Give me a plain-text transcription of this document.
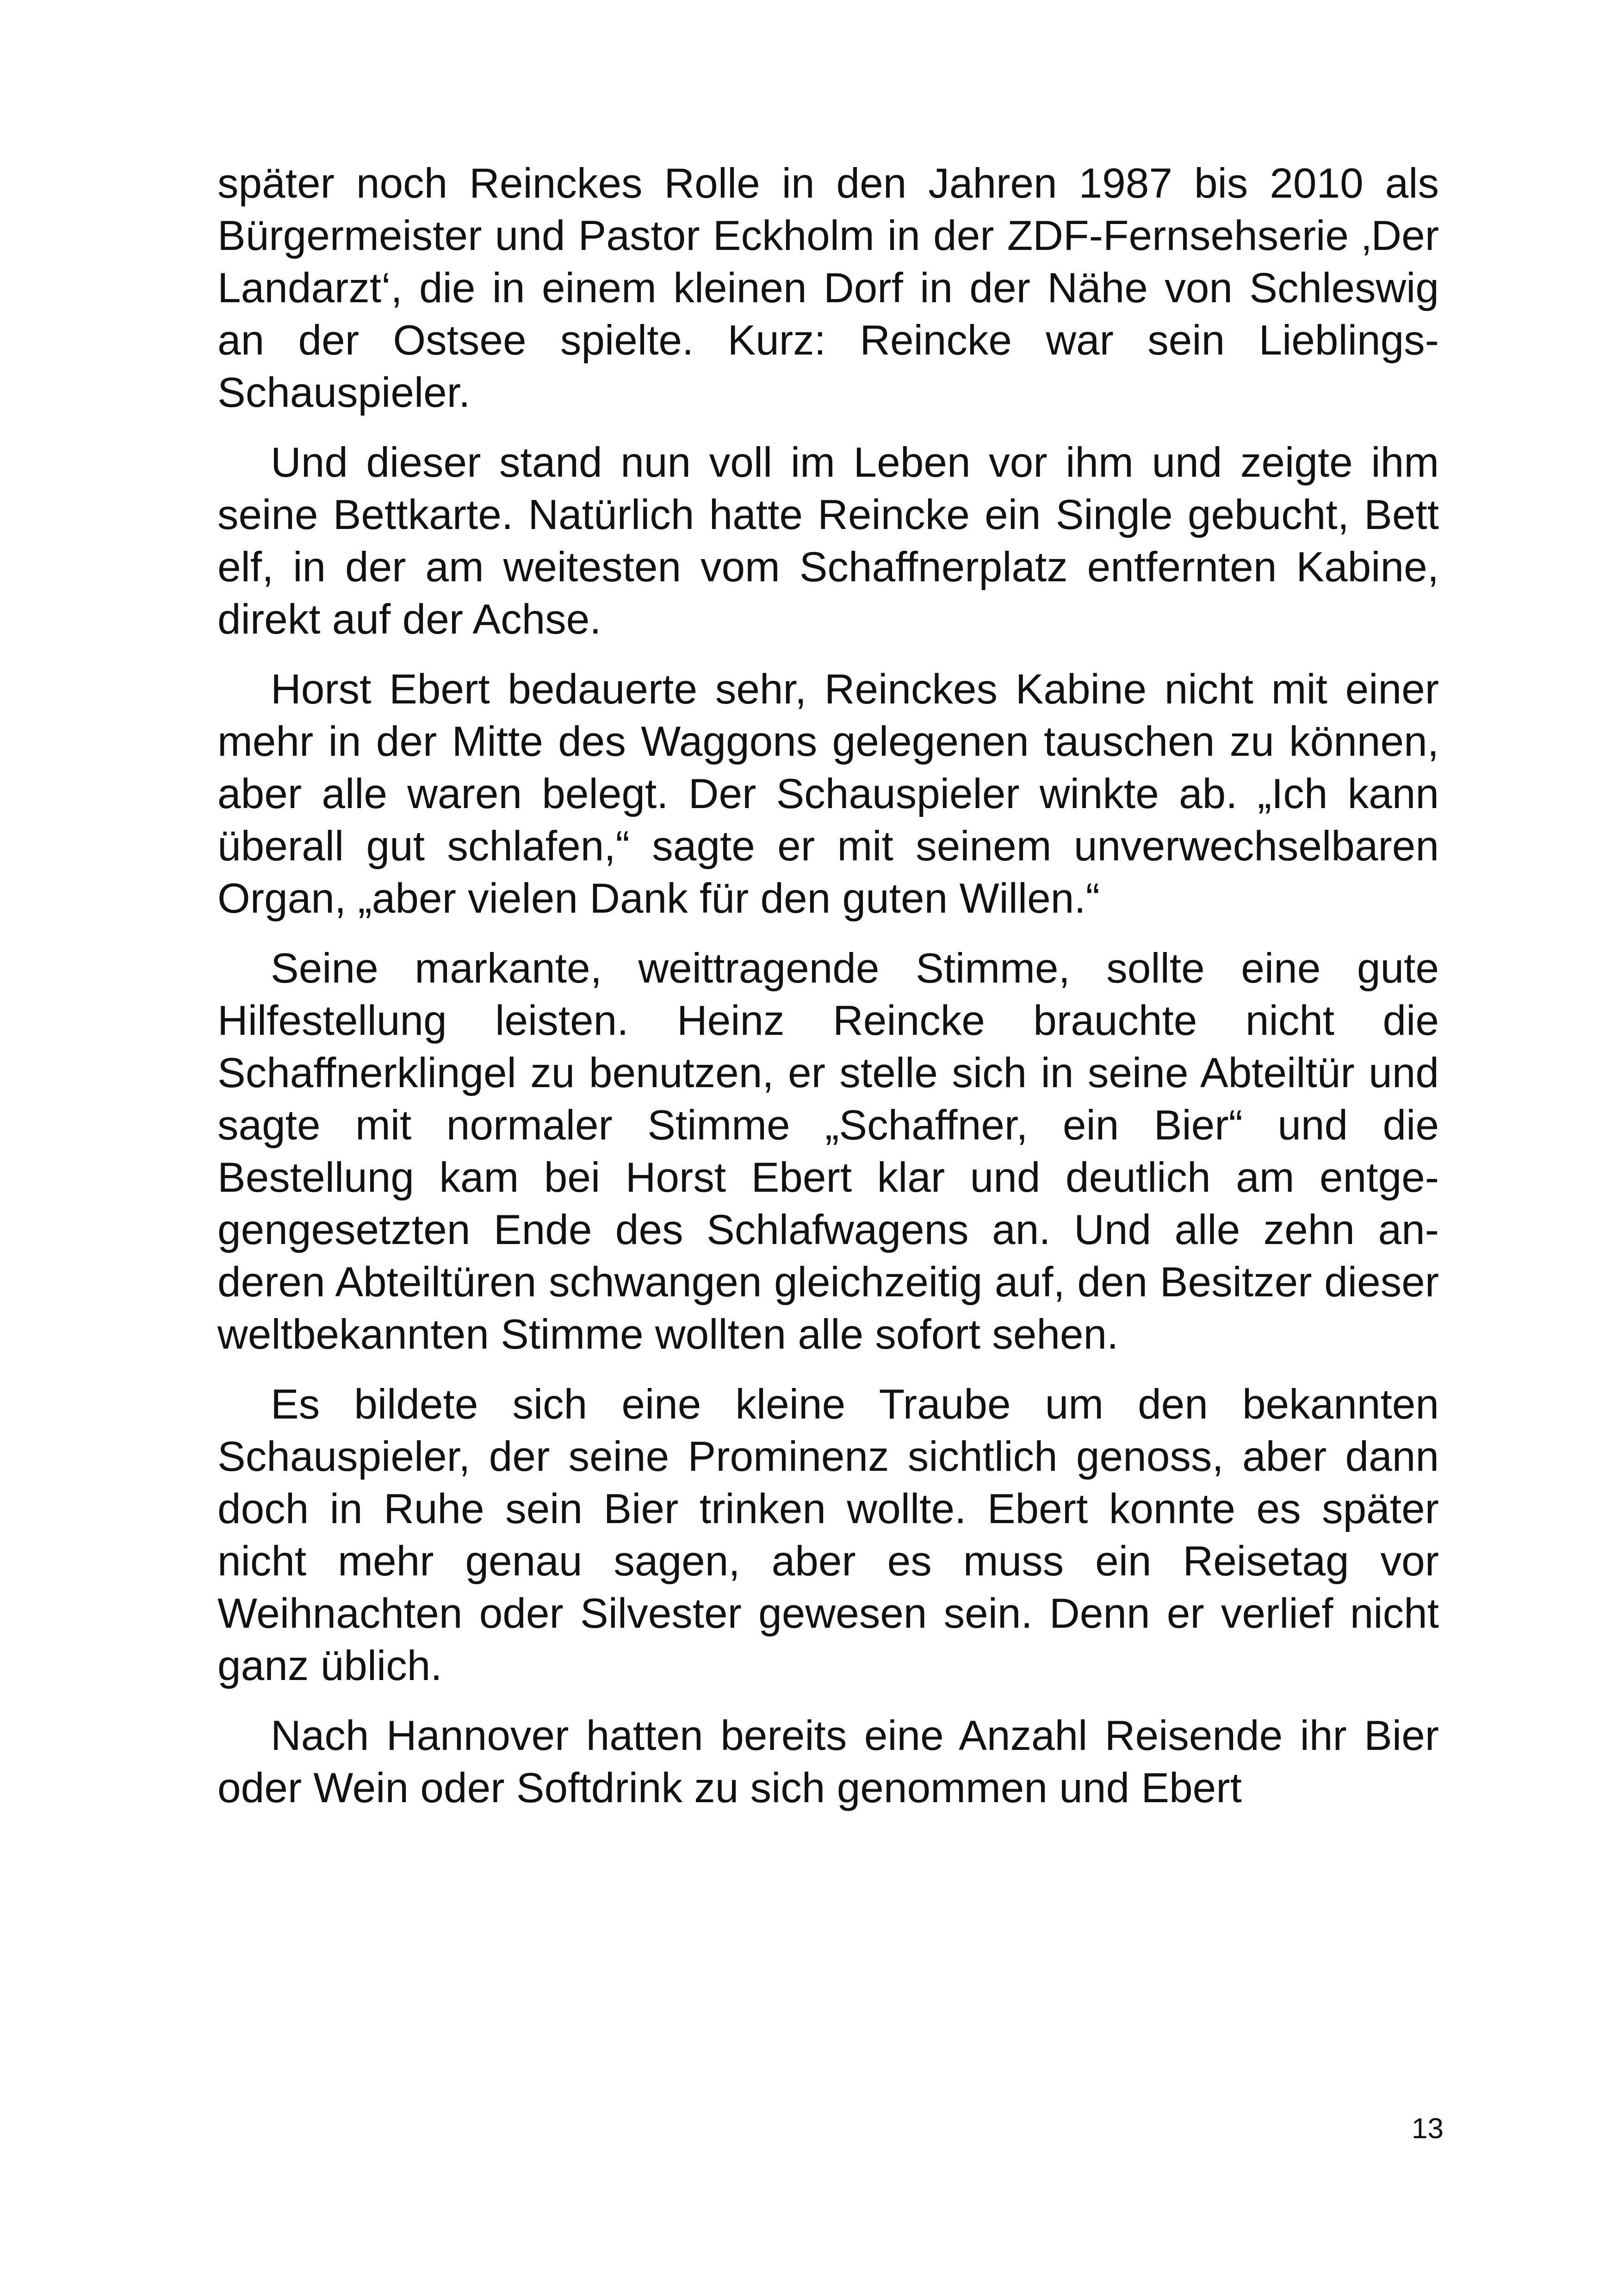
später noch Reinckes Rolle in den Jahren 1987 bis 2010 als Bürgermeister und Pastor Eckholm in der ZDF-Fernsehserie ‚Der Landarzt‘, die in einem kleinen Dorf in der Nähe von Schleswig an der Ostsee spielte. Kurz: Reincke war sein Lieblings-Schauspieler.

Und dieser stand nun voll im Leben vor ihm und zeigte ihm seine Bettkarte. Natürlich hatte Reincke ein Single gebucht, Bett elf, in der am weitesten vom Schaffnerplatz entfernten Kabine, direkt auf der Achse.

Horst Ebert bedauerte sehr, Reinckes Kabine nicht mit einer mehr in der Mitte des Waggons gelegenen tauschen zu können, aber alle waren belegt. Der Schauspieler winkte ab. „Ich kann überall gut schlafen,“ sagte er mit seinem unverwechselbaren Organ, „aber vielen Dank für den guten Willen.“

Seine markante, weittragende Stimme, sollte eine gute Hilfestellung leisten. Heinz Reincke brauchte nicht die Schaffnerklingel zu benutzen, er stelle sich in seine Abteiltür und sagte mit normaler Stimme „Schaffner, ein Bier“ und die Bestellung kam bei Horst Ebert klar und deutlich am entgegengesetzten Ende des Schlafwagens an. Und alle zehn anderen Abteiltüren schwangen gleichzeitig auf, den Besitzer dieser weltbekannten Stimme wollten alle sofort sehen.

Es bildete sich eine kleine Traube um den bekannten Schauspieler, der seine Prominenz sichtlich genoss, aber dann doch in Ruhe sein Bier trinken wollte. Ebert konnte es später nicht mehr genau sagen, aber es muss ein Reisetag vor Weihnachten oder Silvester gewesen sein. Denn er verlief nicht ganz üblich.

Nach Hannover hatten bereits eine Anzahl Reisende ihr Bier oder Wein oder Softdrink zu sich genommen und Ebert

13
